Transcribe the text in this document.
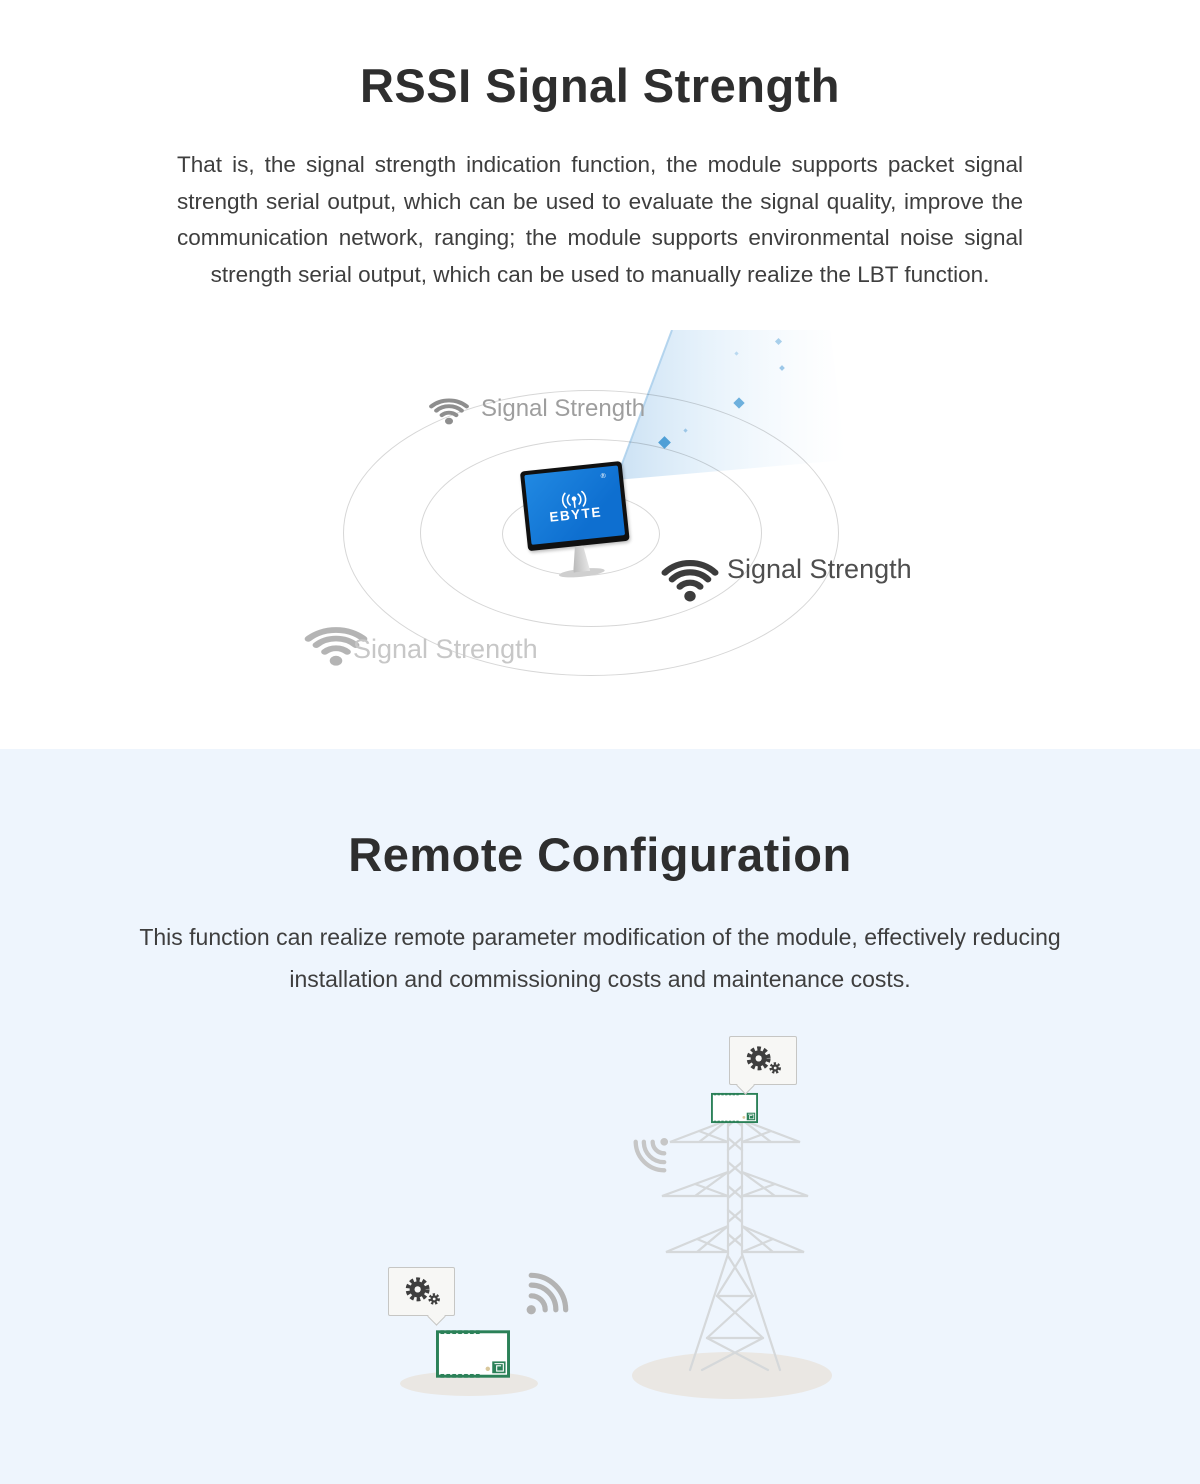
RSSI Signal Strength

That is, the signal strength indication function, the module supports packet signal strength serial output, which can be used to evaluate the signal quality, improve the communication network, ranging; the module supports environmental noise signal strength serial output, which can be used to manually realize the LBT function.

EBYTE
®
Signal Strength
Signal Strength
Signal Strength
Remote Configuration

This function can realize remote parameter modification of the module, effectively reducing installation and commissioning costs and maintenance costs.
